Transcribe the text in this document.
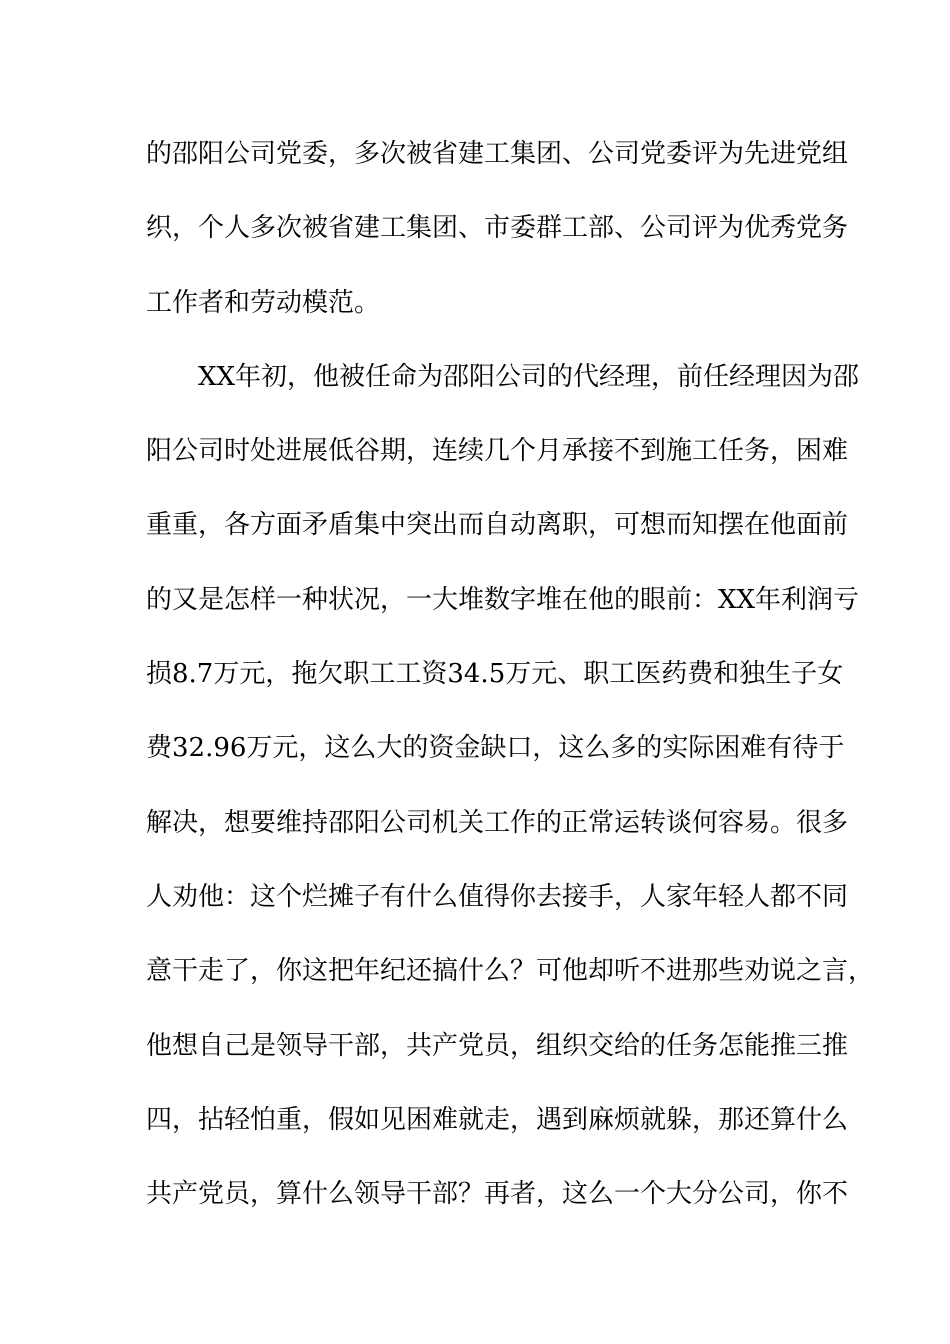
的邵阳公司党委，多次被省建工集团、公司党委评为先进党组
织，个人多次被省建工集团、市委群工部、公司评为优秀党务
工作者和劳动模范。
XX年初，他被任命为邵阳公司的代经理，前任经理因为邵
阳公司时处进展低谷期，连续几个月承接不到施工任务，困难
重重，各方面矛盾集中突出而自动离职，可想而知摆在他面前
的又是怎样一种状况，一大堆数字堆在他的眼前：XX年利润亏
损8.7万元，拖欠职工工资34.5万元、职工医药费和独生子女
费32.96万元，这么大的资金缺口，这么多的实际困难有待于
解决，想要维持邵阳公司机关工作的正常运转谈何容易。很多
人劝他：这个烂摊子有什么值得你去接手，人家年轻人都不同
意干走了，你这把年纪还搞什么？可他却听不进那些劝说之言，
他想自己是领导干部，共产党员，组织交给的任务怎能推三推
四，拈轻怕重，假如见困难就走，遇到麻烦就躲，那还算什么
共产党员，算什么领导干部？再者，这么一个大分公司，你不
